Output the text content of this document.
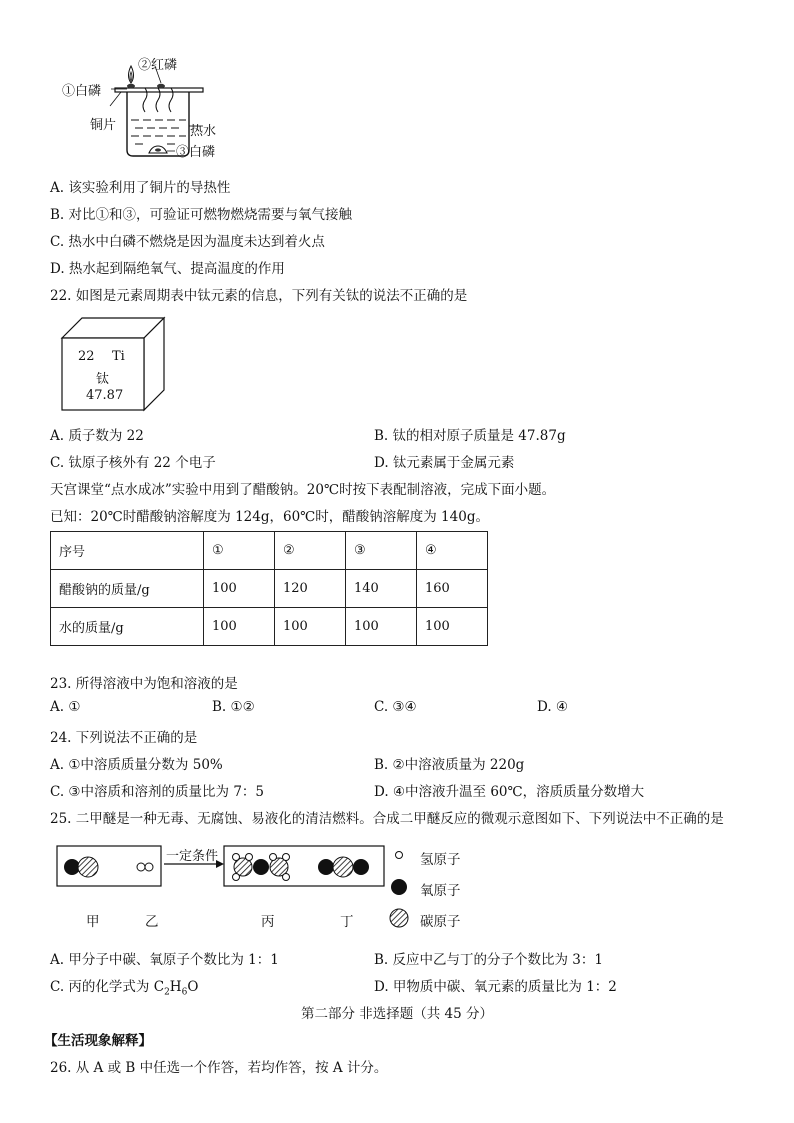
①白磷
②红磷
铜片	热水
③白磷
A. 该实验利用了铜片的导热性
B. 对比①和③，可验证可燃物燃烧需要与氧气接触
C. 热水中白磷不燃烧是因为温度未达到着火点
D. 热水起到隔绝氧气、提高温度的作用
22. 如图是元素周期表中钛元素的信息，下列有关钛的说法不正确的是
22 Ti
钛
47.87
A. 质子数为 22	B. 钛的相对原子质量是 47.87g
C. 钛原子核外有 22 个电子	D. 钛元素属于金属元素
天宫课堂“点水成冰”实验中用到了醋酸钠。20℃时按下表配制溶液，完成下面小题。
已知：20℃时醋酸钠溶解度为 124g，60℃时，醋酸钠溶解度为 140g。
序号	①	②	③	④
醋酸钠的质量/g	100	120	140	160
水的质量/g	100	100	100	100
23. 所得溶液中为饱和溶液的是
A. ①	B. ①②	C. ③④	D. ④
24. 下列说法不正确的是
A. ①中溶质质量分数为 50%	B. ②中溶液质量为 220g
C. ③中溶质和溶剂的质量比为 7：5	D. ④中溶液升温至 60℃，溶质质量分数增大
25. 二甲醚是一种无毒、无腐蚀、易液化的清洁燃料。合成二甲醚反应的微观示意图如下、下列说法中不正确的是
一定条件
甲	乙	丙	丁
氢原子
氧原子
碳原子
A. 甲分子中碳、氧原子个数比为 1：1	B. 反应中乙与丁的分子个数比为 3：1
C. 丙的化学式为 $C_2H_6O$	D. 甲物质中碳、氧元素的质量比为 1：2
第二部分 非选择题（共 45 分）
【生活现象解释】
26. 从 A 或 B 中任选一个作答，若均作答，按 A 计分。
